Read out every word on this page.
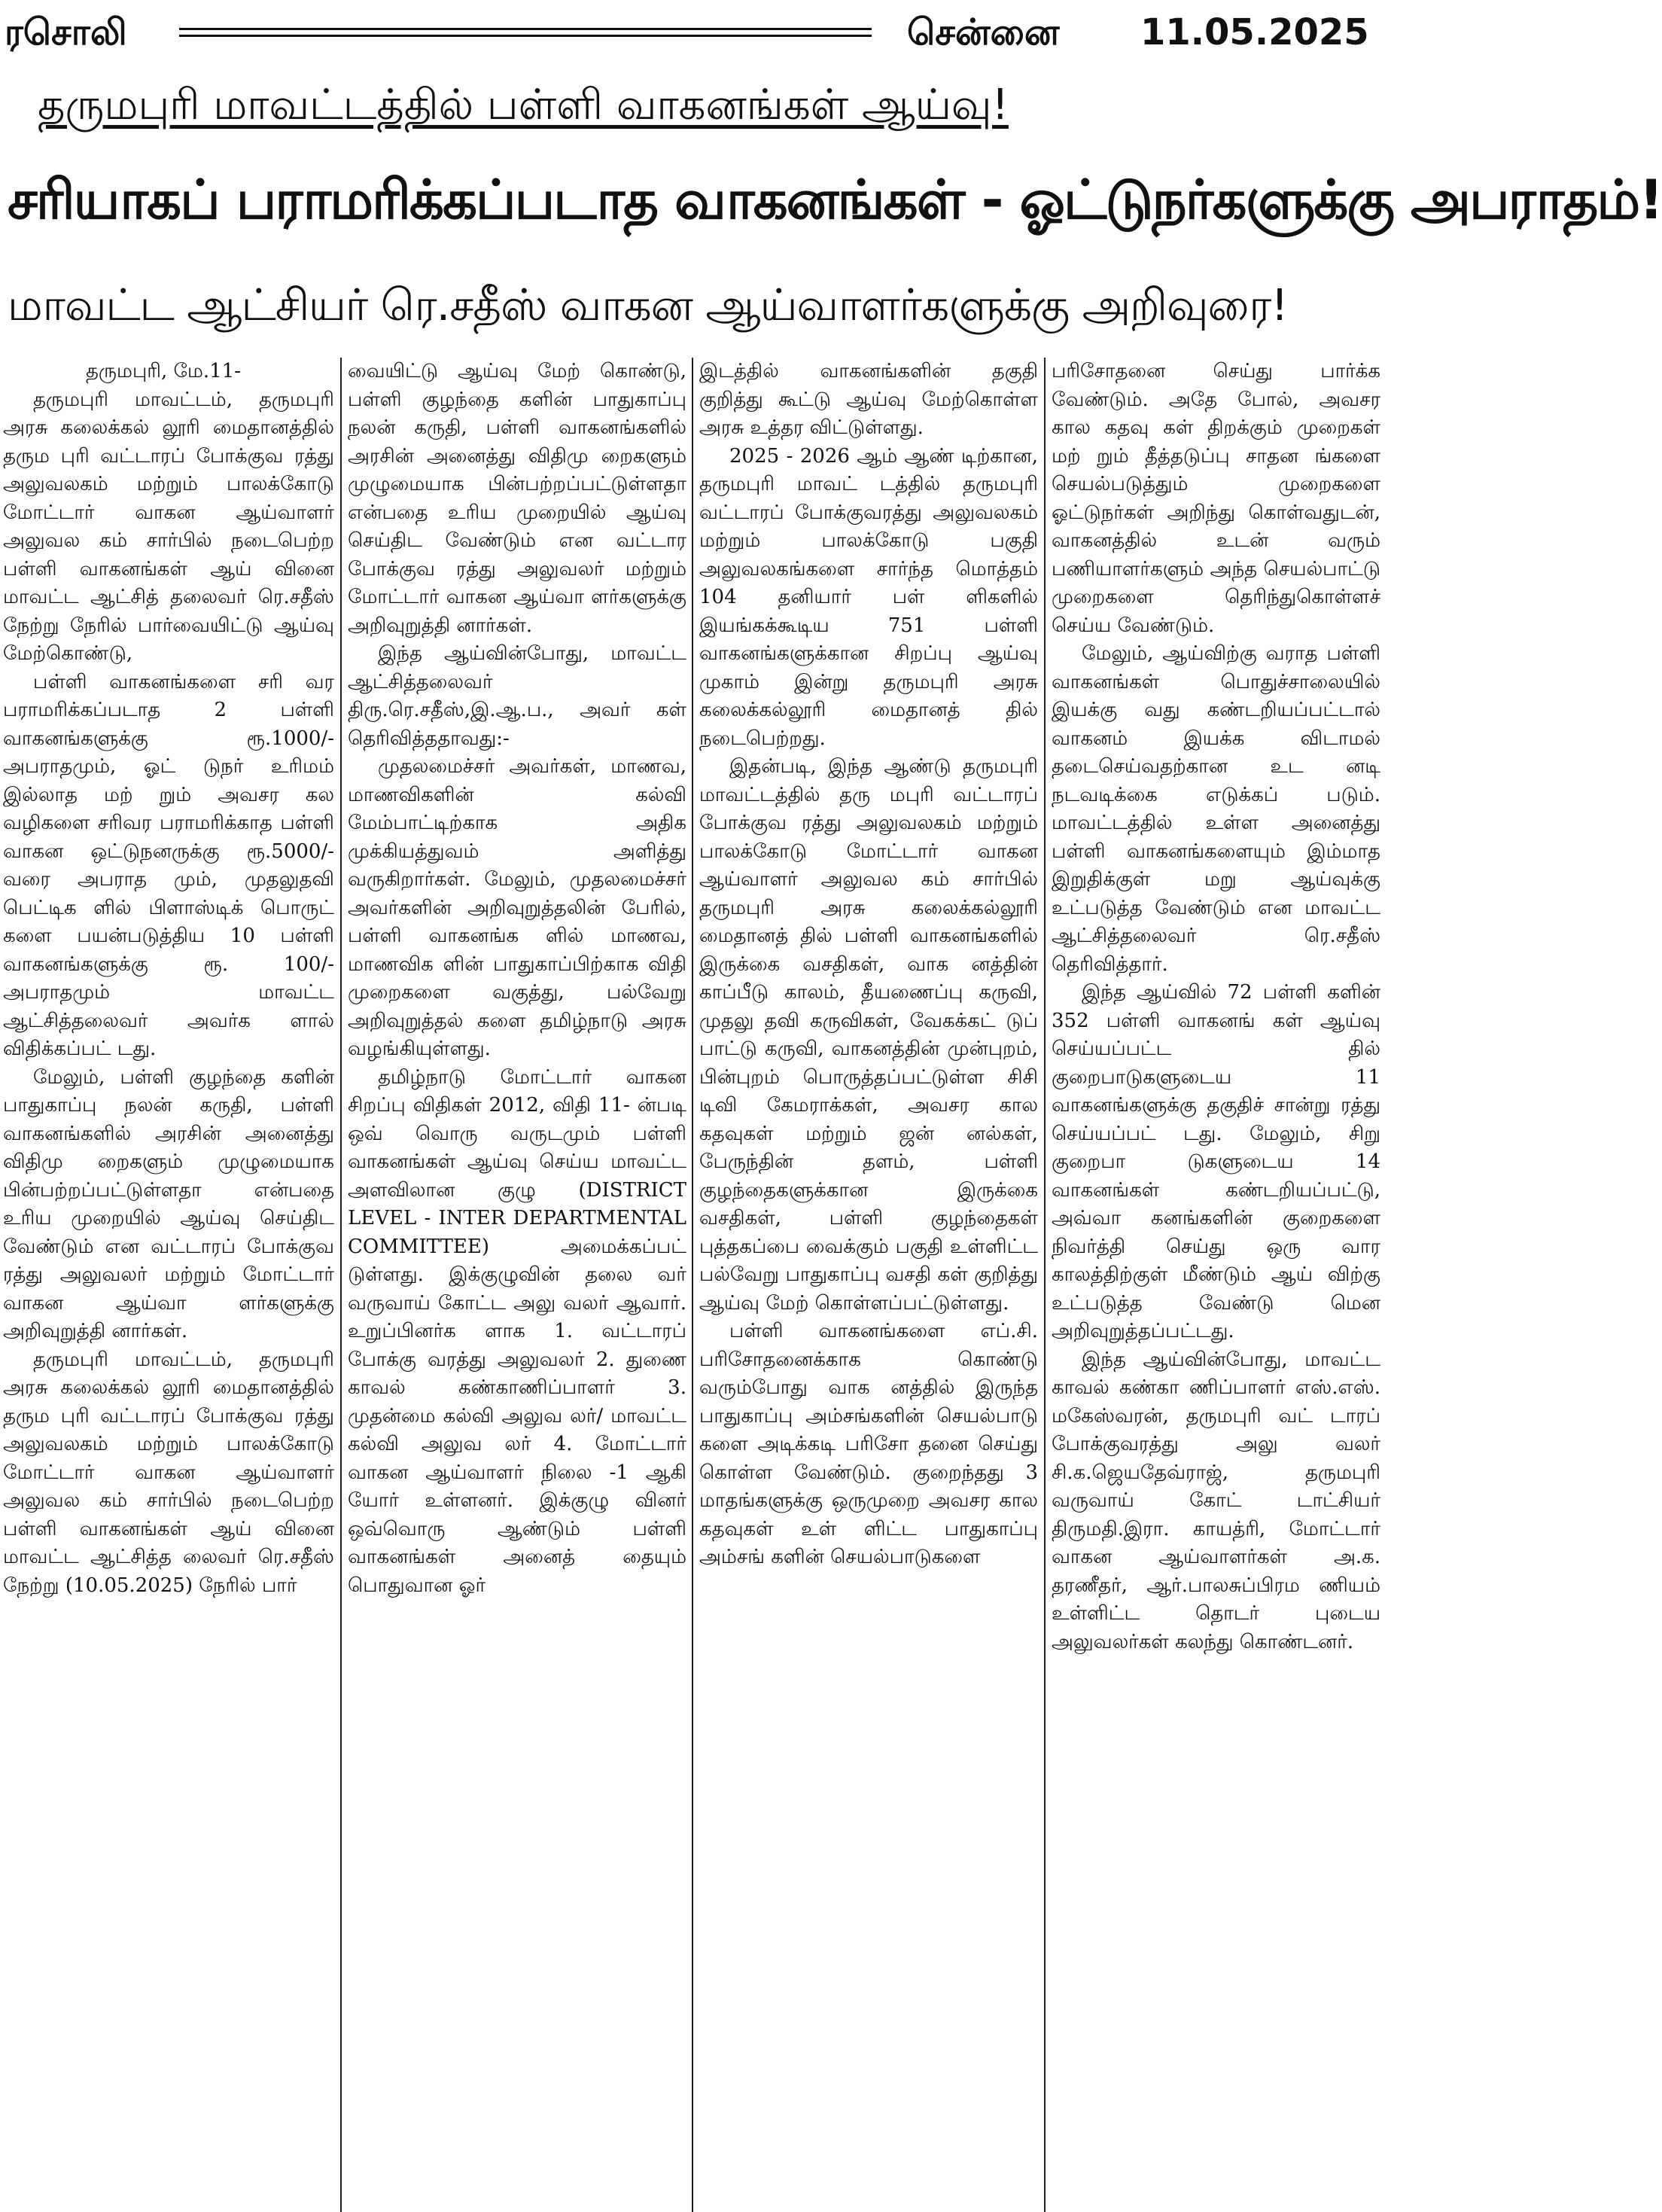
ரசொலி	சென்னை 11.05.2025
தருமபுரி மாவட்டத்தில் பள்ளி வாகனங்கள் ஆய்வு!
சரியாகப் பராமரிக்கப்படாத வாகனங்கள் - ஓட்டுநர்களுக்கு அபராதம்!
மாவட்ட ஆட்சியர் ரெ.சதீஸ் வாகன ஆய்வாளர்களுக்கு அறிவுரை!

தருமபுரி, மே.11-

தருமபுரி மாவட்டம், தருமபுரி அரசு கலைக்கல் லூரி மைதானத்தில் தரும புரி வட்டாரப் போக்குவ ரத்து அலுவலகம் மற்றும் பாலக்கோடு மோட்டார் வாகன ஆய்வாளர் அலுவல கம் சார்பில் நடைபெற்ற பள்ளி வாகனங்கள் ஆய் வினை மாவட்ட ஆட்சித் தலைவர் ரெ.சதீஸ் நேற்று நேரில் பார்வையிட்டு ஆய்வு மேற்கொண்டு,

பள்ளி வாகனங்களை சரி வர பராமரிக்கப்படாத 2 பள்ளி வாகனங்களுக்கு ரூ.1000/- அபராதமும், ஓட் டுநர் உரிமம் இல்லாத மற் றும் அவசர கல வழிகளை சரிவர பராமரிக்காத பள்ளி வாகன ஒட்டுநனருக்கு ரூ.5000/- வரை அபராத மும், முதலுதவி பெட்டிக ளில் பிளாஸ்டிக் பொருட் களை பயன்படுத்திய 10 பள்ளி வாகனங்களுக்கு ரூ. 100/- அபராதமும் மாவட்ட ஆட்சித்தலைவர் அவர்க ளால் விதிக்கப்பட் டது.

மேலும், பள்ளி குழந்தை களின் பாதுகாப்பு நலன் கருதி, பள்ளி வாகனங்களில் அரசின் அனைத்து விதிமு றைகளும் முழுமையாக பின்பற்றப்பட்டுள்ளதா என்பதை உரிய முறையில் ஆய்வு செய்திட வேண்டும் என வட்டாரப் போக்குவ ரத்து அலுவலர் மற்றும் மோட்டார் வாகன ஆய்வா ளர்களுக்கு அறிவுறுத்தி னார்கள்.

தருமபுரி மாவட்டம், தருமபுரி அரசு கலைக்கல் லூரி மைதானத்தில் தரும புரி வட்டாரப் போக்குவ ரத்து அலுவலகம் மற்றும் பாலக்கோடு மோட்டார் வாகன ஆய்வாளர் அலுவல கம் சார்பில் நடைபெற்ற பள்ளி வாகனங்கள் ஆய் வினை மாவட்ட ஆட்சித்த லைவர் ரெ.சதீஸ் நேற்று (10.05.2025) நேரில் பார்

வையிட்டு ஆய்வு மேற் கொண்டு, பள்ளி குழந்தை களின் பாதுகாப்பு நலன் கருதி, பள்ளி வாகனங்களில் அரசின் அனைத்து விதிமு றைகளும் முழுமையாக பின்பற்றப்பட்டுள்ளதா என்பதை உரிய முறையில் ஆய்வு செய்திட வேண்டும் என வட்டார போக்குவ ரத்து அலுவலர் மற்றும் மோட்டார் வாகன ஆய்வா ளர்களுக்கு அறிவுறுத்தி னார்கள்.

இந்த ஆய்வின்போது, மாவட்ட ஆட்சித்தலைவர் திரு.ரெ.சதீஸ்,இ.ஆ.ப., அவர் கள் தெரிவித்ததாவது:-

முதலமைச்சர் அவர்கள், மாணவ, மாணவிகளின் கல்வி மேம்பாட்டிற்காக அதிக முக்கியத்துவம் அளித்து வருகிறார்கள். மேலும், முதலமைச்சர் அவர்களின் அறிவுறுத்தலின் பேரில், பள்ளி வாகனங்க ளில் மாணவ, மாணவிக ளின் பாதுகாப்பிற்காக விதி முறைகளை வகுத்து, பல்வேறு அறிவுறுத்தல் களை தமிழ்நாடு அரசு வழங்கியுள்ளது.

தமிழ்நாடு மோட்டார் வாகன சிறப்பு விதிகள் 2012, விதி 11- ன்படி ஒவ் வொரு வருடமும் பள்ளி வாகனங்கள் ஆய்வு செய்ய மாவட்ட அளவிலான குழு (DISTRICT LEVEL - INTER DEPARTMENTAL COMMITTEE) அமைக்கப்பட் டுள்ளது. இக்குழுவின் தலை வர் வருவாய் கோட்ட அலு வலர் ஆவார். உறுப்பினர்க ளாக 1. வட்டாரப் போக்கு வரத்து அலுவலர் 2. துணை காவல் கண்காணிப்பாளர் 3. முதன்மை கல்வி அலுவ லர்/ மாவட்ட கல்வி அலுவ லர் 4. மோட்டார் வாகன ஆய்வாளர் நிலை -1 ஆகி யோர் உள்ளனர். இக்குழு வினர் ஒவ்வொரு ஆண்டும் பள்ளி வாகனங்கள் அனைத் தையும் பொதுவான ஓர்

இடத்தில் வாகனங்களின் தகுதி குறித்து கூட்டு ஆய்வு மேற்கொள்ள அரசு உத்தர விட்டுள்ளது.

2025 - 2026 ஆம் ஆண் டிற்கான, தருமபுரி மாவட் டத்தில் தருமபுரி வட்டாரப் போக்குவரத்து அலுவலகம் மற்றும் பாலக்கோடு பகுதி அலுவலகங்களை சார்ந்த மொத்தம் 104 தனியார் பள் ளிகளில் இயங்கக்கூடிய 751 பள்ளி வாகனங்களுக்கான சிறப்பு ஆய்வு முகாம் இன்று தருமபுரி அரசு கலைக்கல்லூரி மைதானத் தில் நடைபெற்றது.

இதன்படி, இந்த ஆண்டு தருமபுரி மாவட்டத்தில் தரு மபுரி வட்டாரப் போக்குவ ரத்து அலுவலகம் மற்றும் பாலக்கோடு மோட்டார் வாகன ஆய்வாளர் அலுவல கம் சார்பில் தருமபுரி அரசு கலைக்கல்லூரி மைதானத் தில் பள்ளி வாகனங்களில் இருக்கை வசதிகள், வாக னத்தின் காப்பீடு காலம், தீயணைப்பு கருவி, முதலு தவி கருவிகள், வேகக்கட் டுப் பாட்டு கருவி, வாகனத்தின் முன்புறம், பின்புறம் பொருத்தப்பட்டுள்ள சிசி டிவி கேமராக்கள், அவசர கால கதவுகள் மற்றும் ஜன் னல்கள், பேருந்தின் தளம், பள்ளி குழந்தைகளுக்கான இருக்கை வசதிகள், பள்ளி குழந்தைகள் புத்தகப்பை வைக்கும் பகுதி உள்ளிட்ட பல்வேறு பாதுகாப்பு வசதி கள் குறித்து ஆய்வு மேற் கொள்ளப்பட்டுள்ளது.

பள்ளி வாகனங்களை எப்.சி. பரிசோதனைக்காக கொண்டு வரும்போது வாக னத்தில் இருந்த பாதுகாப்பு அம்சங்களின் செயல்பாடு களை அடிக்கடி பரிசோ தனை செய்து கொள்ள வேண்டும். குறைந்தது 3 மாதங்களுக்கு ஒருமுறை அவசர கால கதவுகள் உள் ளிட்ட பாதுகாப்பு அம்சங் களின் செயல்பாடுகளை

பரிசோதனை செய்து பார்க்க வேண்டும். அதே போல், அவசர கால கதவு கள் திறக்கும் முறைகள் மற் றும் தீத்தடுப்பு சாதன ங்களை செயல்படுத்தும் முறைகளை ஓட்டுநர்கள் அறிந்து கொள்வதுடன், வாகனத்தில் உடன் வரும் பணியாளர்களும் அந்த செயல்பாட்டு முறைகளை தெரிந்துகொள்ளச் செய்ய வேண்டும்.

மேலும், ஆய்விற்கு வராத பள்ளி வாகனங்கள் பொதுச்சாலையில் இயக்கு வது கண்டறியப்பட்டால் வாகனம் இயக்க விடாமல் தடைசெய்வதற்கான உட னடி நடவடிக்கை எடுக்கப் படும். மாவட்டத்தில் உள்ள அனைத்து பள்ளி வாகனங்களையும் இம்மாத இறுதிக்குள் மறு ஆய்வுக்கு உட்படுத்த வேண்டும் என மாவட்ட ஆட்சித்தலைவர் ரெ.சதீஸ் தெரிவித்தார்.

இந்த ஆய்வில் 72 பள்ளி களின் 352 பள்ளி வாகனங் கள் ஆய்வு செய்யப்பட்ட தில் குறைபாடுகளுடைய 11 வாகனங்களுக்கு தகுதிச் சான்று ரத்து செய்யப்பட் டது. மேலும், சிறு குறைபா டுகளுடைய 14 வாகனங்கள் கண்டறியப்பட்டு, அவ்வா கனங்களின் குறைகளை நிவர்த்தி செய்து ஒரு வார காலத்திற்குள் மீண்டும் ஆய் விற்கு உட்படுத்த வேண்டு மென அறிவுறுத்தப்பட்டது.

இந்த ஆய்வின்போது, மாவட்ட காவல் கண்கா ணிப்பாளர் எஸ்.எஸ். மகேஸ்வரன், தருமபுரி வட் டாரப் போக்குவரத்து அலு வலர் சி.க.ஜெயதேவ்ராஜ், தருமபுரி வருவாய் கோட் டாட்சியர் திருமதி.இரா. காயத்ரி, மோட்டார் வாகன ஆய்வாளர்கள் அ.க. தரணீதர், ஆர்.பாலசுப்பிரம ணியம் உள்ளிட்ட தொடர் புடைய அலுவலர்கள் கலந்து கொண்டனர்.
